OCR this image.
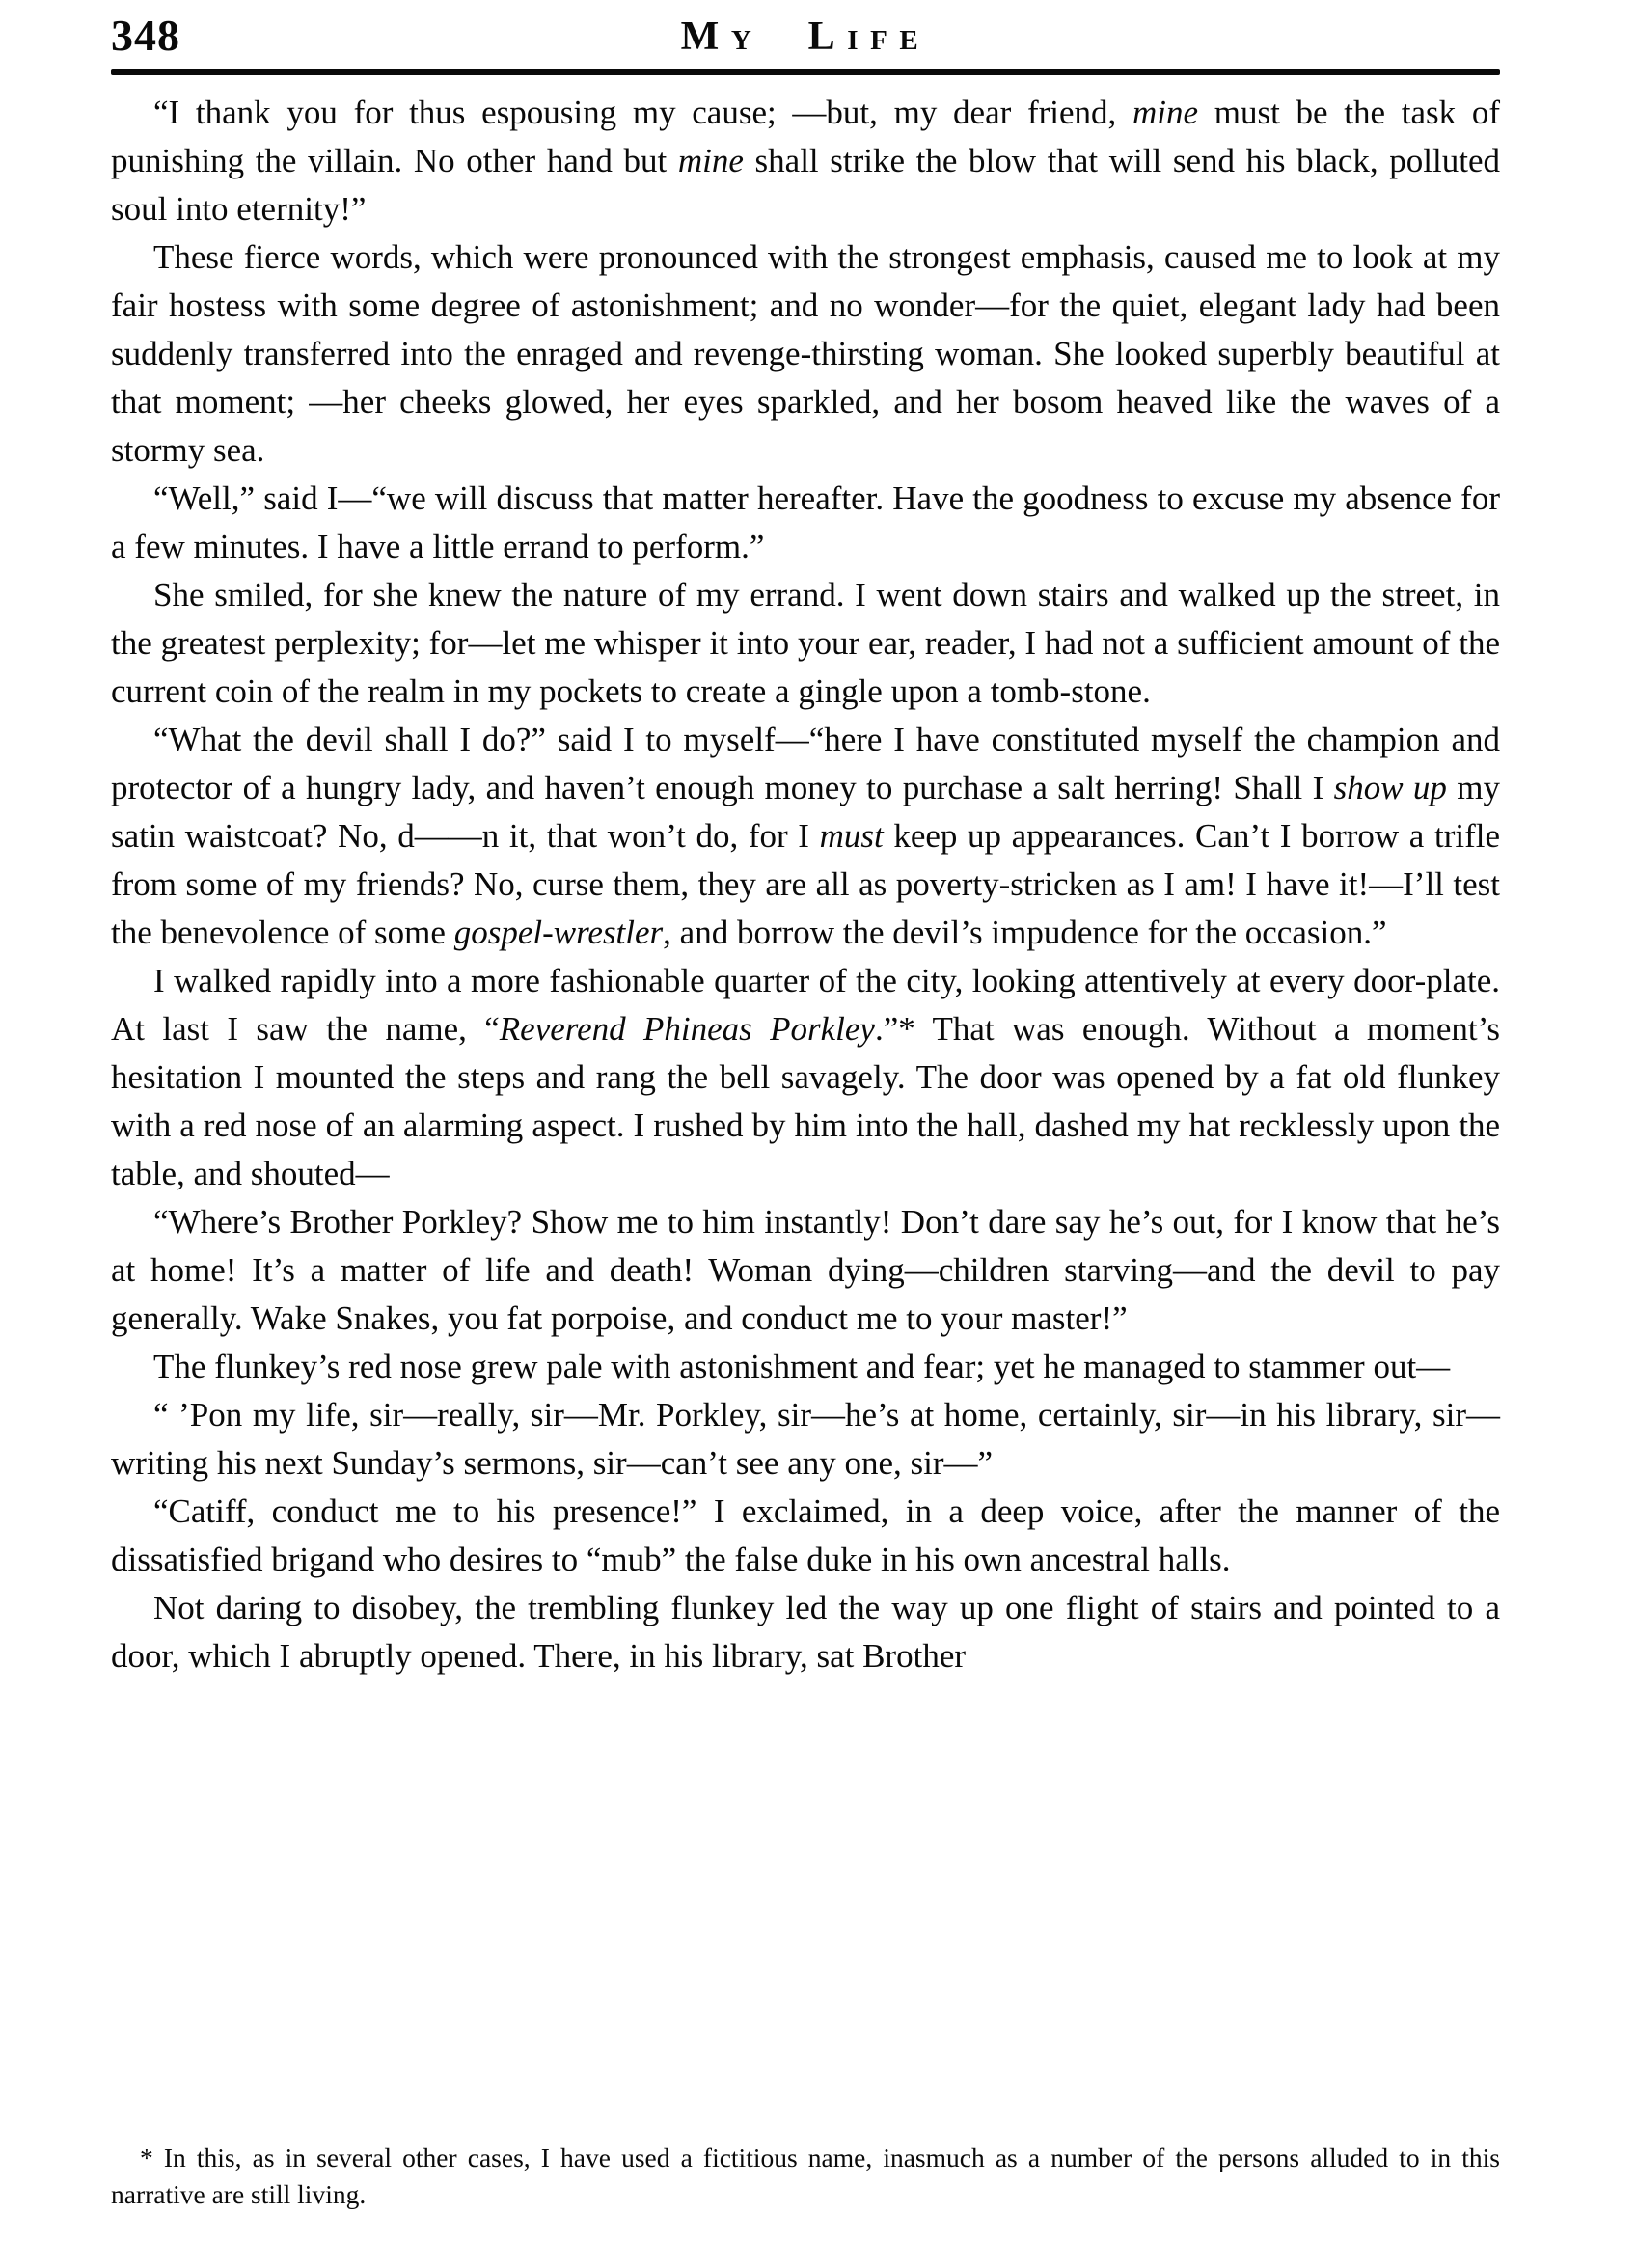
348	My Life

“I thank you for thus espousing my cause; —but, my dear friend, mine must be the task of punishing the villain. No other hand but mine shall strike the blow that will send his black, polluted soul into eternity!”

These fierce words, which were pronounced with the strongest emphasis, caused me to look at my fair hostess with some degree of astonishment; and no wonder—for the quiet, elegant lady had been suddenly transferred into the enraged and revenge-thirsting woman. She looked superbly beautiful at that moment; —her cheeks glowed, her eyes sparkled, and her bosom heaved like the waves of a stormy sea.

“Well,” said I—“we will discuss that matter hereafter. Have the goodness to excuse my absence for a few minutes. I have a little errand to perform.”

She smiled, for she knew the nature of my errand. I went down stairs and walked up the street, in the greatest perplexity; for—let me whisper it into your ear, reader, I had not a sufficient amount of the current coin of the realm in my pockets to create a gingle upon a tomb-stone.

“What the devil shall I do?” said I to myself—“here I have constituted myself the champion and protector of a hungry lady, and haven’t enough money to purchase a salt herring! Shall I show up my satin waistcoat? No, d——n it, that won’t do, for I must keep up appearances. Can’t I borrow a trifle from some of my friends? No, curse them, they are all as poverty-stricken as I am! I have it!—I’ll test the benevolence of some gospel-wrestler, and borrow the devil’s impudence for the occasion.”

I walked rapidly into a more fashionable quarter of the city, looking attentively at every door-plate. At last I saw the name, “Reverend Phineas Porkley.”* That was enough. Without a moment’s hesitation I mounted the steps and rang the bell savagely. The door was opened by a fat old flunkey with a red nose of an alarming aspect. I rushed by him into the hall, dashed my hat recklessly upon the table, and shouted—

“Where’s Brother Porkley? Show me to him instantly! Don’t dare say he’s out, for I know that he’s at home! It’s a matter of life and death! Woman dying—children starving—and the devil to pay generally. Wake Snakes, you fat porpoise, and conduct me to your master!”

The flunkey’s red nose grew pale with astonishment and fear; yet he managed to stammer out—

“ ’Pon my life, sir—really, sir—Mr. Porkley, sir—he’s at home, certainly, sir—in his library, sir—writing his next Sunday’s sermons, sir—can’t see any one, sir—”

“Catiff, conduct me to his presence!” I exclaimed, in a deep voice, after the manner of the dissatisfied brigand who desires to “mub” the false duke in his own ancestral halls.

Not daring to disobey, the trembling flunkey led the way up one flight of stairs and pointed to a door, which I abruptly opened. There, in his library, sat Brother

* In this, as in several other cases, I have used a fictitious name, inasmuch as a number of the persons alluded to in this narrative are still living.
